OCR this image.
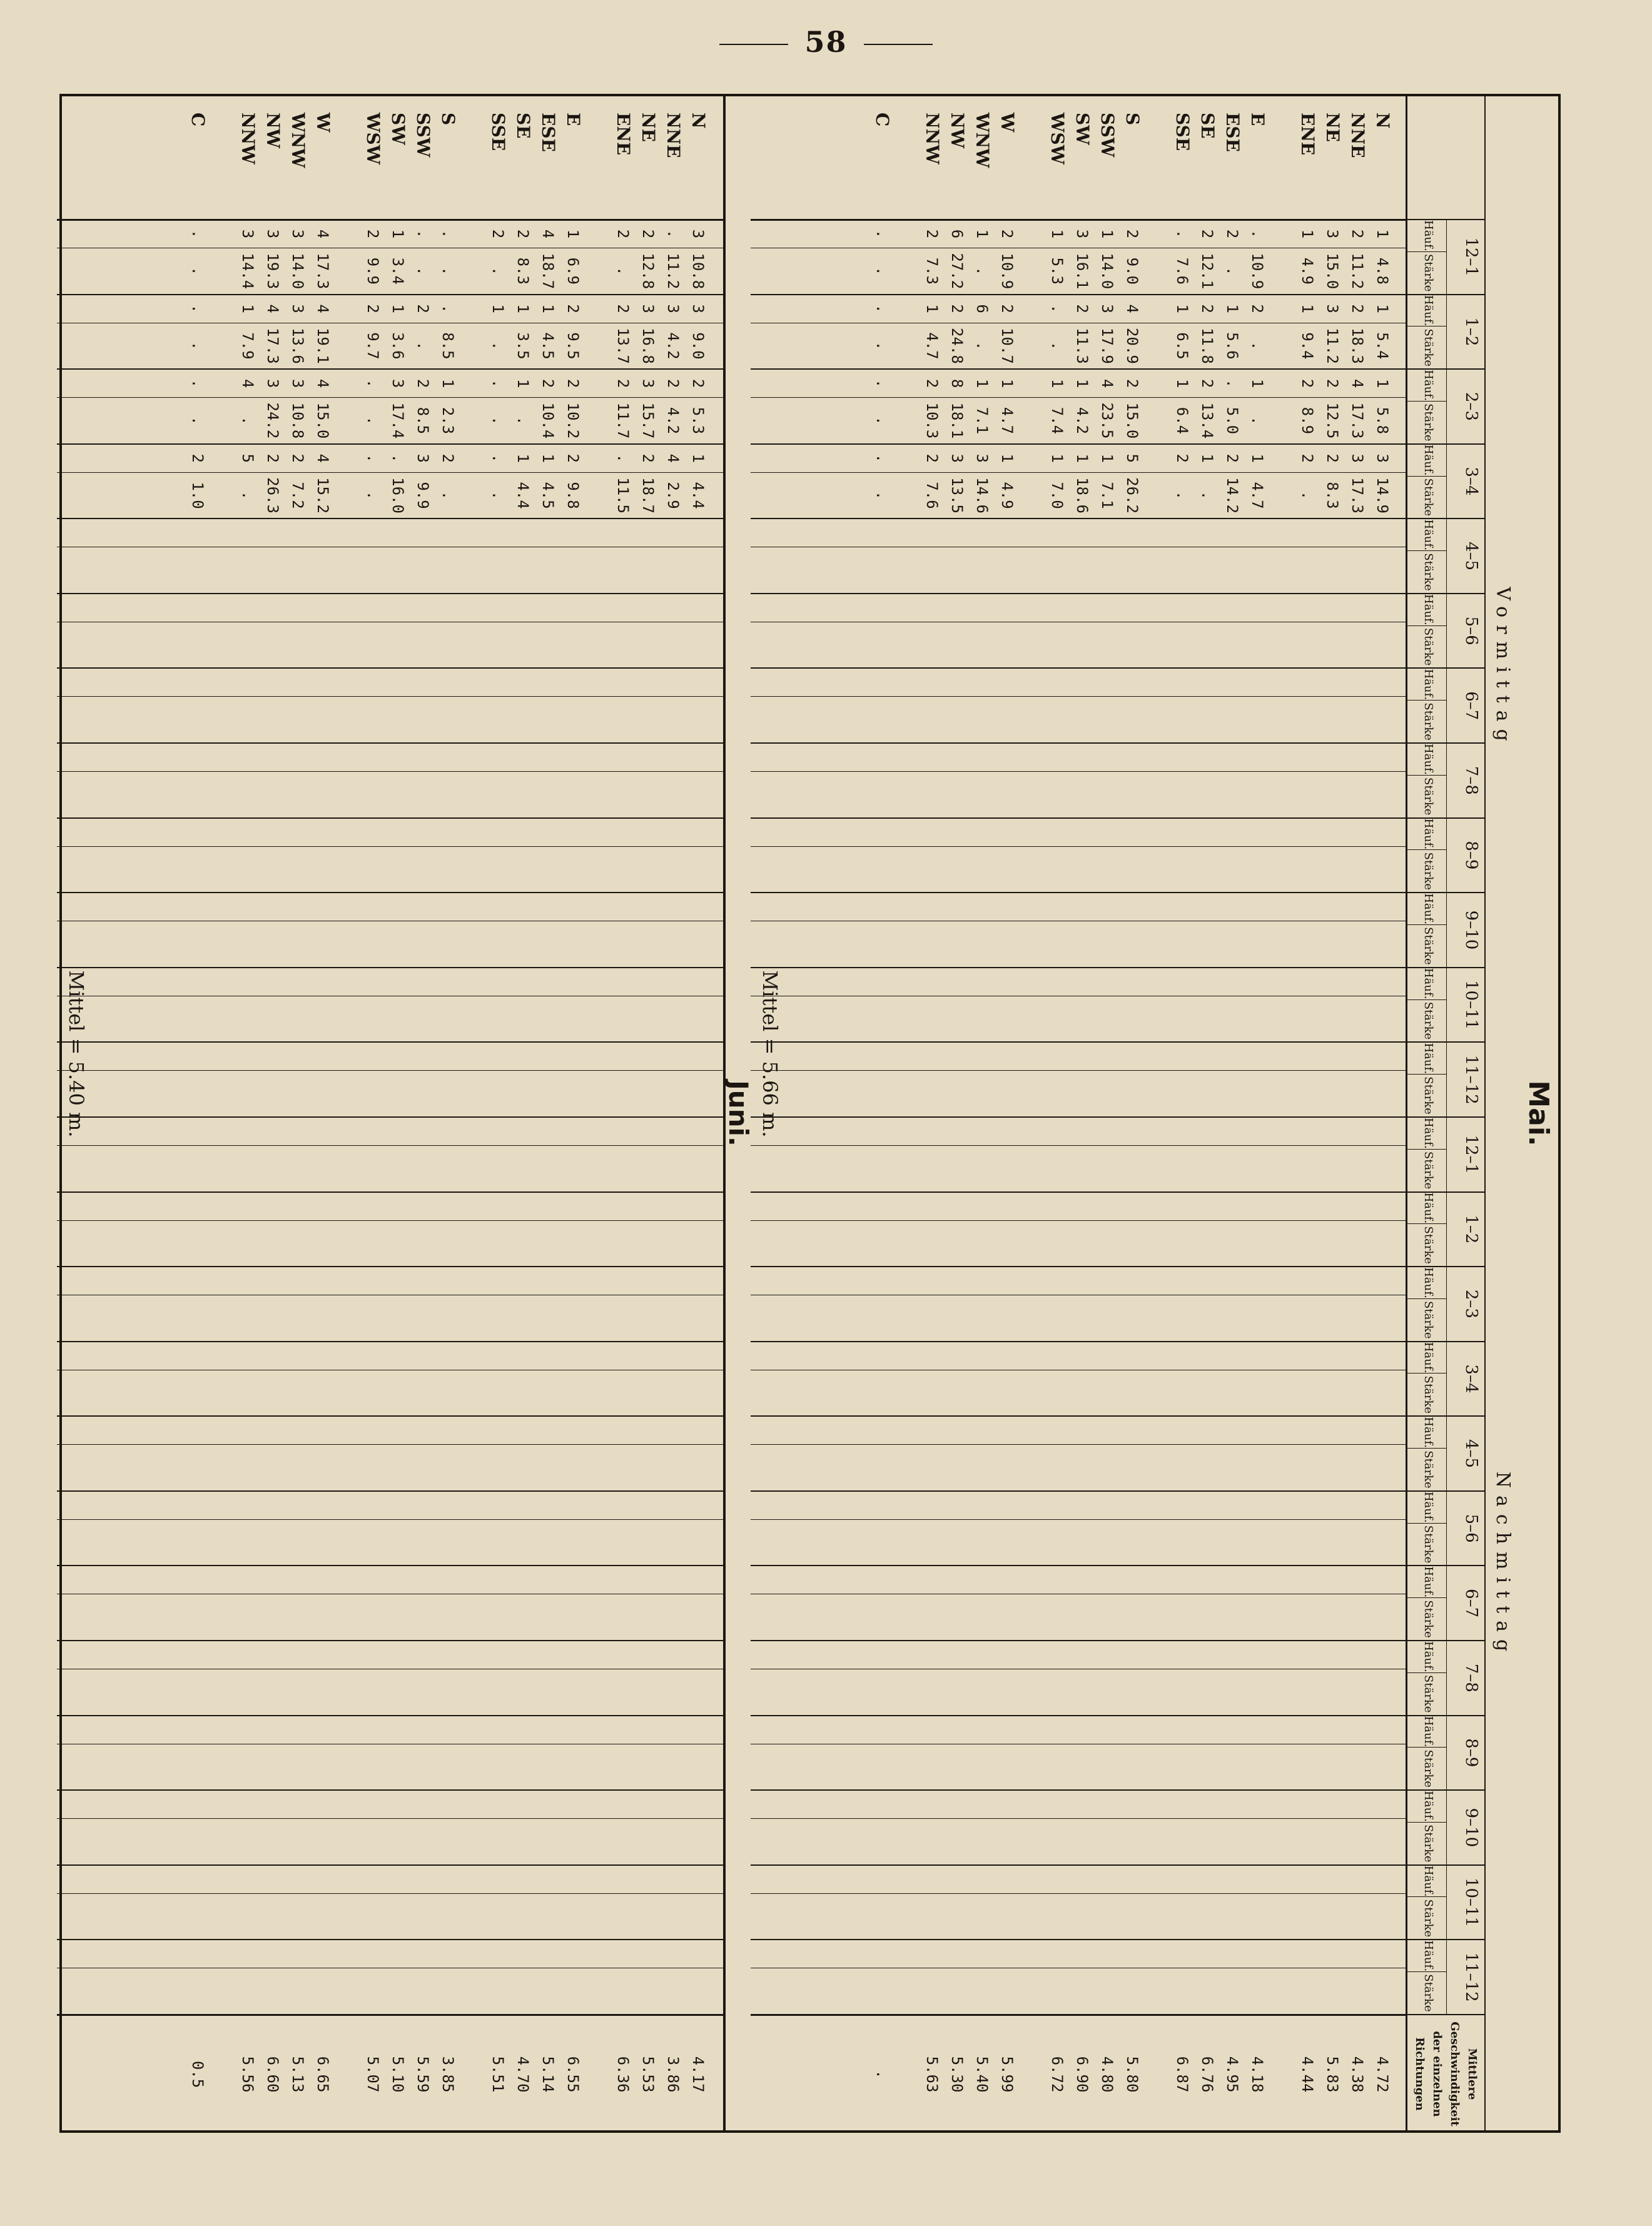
58
Mai.
Vormittag
Nachmittag
12–1
Häuf.
Stärke
1–2
Häuf.
Stärke
2–3
Häuf.
Stärke
3–4
Häuf.
Stärke
4–5
Häuf.
Stärke
5–6
Häuf.
Stärke
6–7
Häuf.
Stärke
7–8
Häuf.
Stärke
8–9
Häuf.
Stärke
9–10
Häuf.
Stärke
10–11
Häuf.
Stärke
11–12
Häuf.
Stärke
12–1
Häuf.
Stärke
1–2
Häuf.
Stärke
2–3
Häuf.
Stärke
3–4
Häuf.
Stärke
4–5
Häuf.
Stärke
5–6
Häuf.
Stärke
6–7
Häuf.
Stärke
7–8
Häuf.
Stärke
8–9
Häuf.
Stärke
9–10
Häuf.
Stärke
10–11
Häuf.
Stärke
11–12
Häuf.
Stärke
Mittlere
Geschwindigkeit
der einzelnen
Richtungen
N
NNE
NE
ENE
E
ESE
SE
SSE
S
SSW
SW
WSW
W
WNW
NW
NNW
C
1
2
3
1
.
2
2
.
2
1
3
1
2
1
6
2
.
4.8
11.2
15.0
4.9
10.9
.
12.1
7.6
9.0
14.0
16.1
5.3
10.9
.
27.2
7.3
.
1
2
3
1
2
1
2
1
4
3
2
.
2
6
2
1
.
5.4
18.3
11.2
9.4
.
5.6
11.8
6.5
20.9
17.9
11.3
.
10.7
.
24.8
4.7
.
1
4
2
2
1
.
2
1
2
4
1
1
1
1
8
2
.
5.8
17.3
12.5
8.9
.
5.0
13.4
6.4
15.0
23.5
4.2
7.4
4.7
7.1
18.1
10.3
.
3
3
2
2
1
2
1
2
5
1
1
1
1
3
3
2
.
14.9
17.3
8.3
.
4.7
14.2
.
.
26.2
7.1
18.6
7.0
4.9
14.6
13.5
7.6
.
4.72
4.38
5.83
4.44
4.18
4.95
6.76
6.87
5.80
4.80
6.90
6.72
5.99
5.40
5.30
5.63
.
Mittel = 5.66 m.
Juni.
N
NNE
NE
ENE
E
ESE
SE
SSE
S
SSW
SW
WSW
W
WNW
NW
NNW
C
3
.
2
2
1
4
2
2
.
.
1
2
4
3
3
3
.
10.8
11.2
12.8
.
6.9
18.7
8.3
.
.
.
3.4
9.9
17.3
14.0
19.3
14.4
.
3
3
3
2
2
1
1
1
.
2
1
2
4
3
4
1
.
9.0
4.2
16.8
13.7
9.5
4.5
3.5
.
8.5
.
3.6
9.7
19.1
13.6
17.3
7.9
.
2
2
3
2
2
2
1
.
1
2
3
.
4
3
3
4
.
5.3
4.2
15.7
11.7
10.2
10.4
.
.
2.3
8.5
17.4
.
15.0
10.8
24.2
.
.
1
4
2
.
2
1
1
.
2
3
.
.
4
2
2
5
2
4.4
2.9
18.7
11.5
9.8
4.5
4.4
.
.
9.9
16.0
.
15.2
7.2
26.3
.
1.0
4.17
3.86
5.53
6.36
6.55
5.14
4.70
5.51
3.85
5.59
5.10
5.07
6.65
5.13
6.60
5.56
0.5
Mittel = 5.40 m.
